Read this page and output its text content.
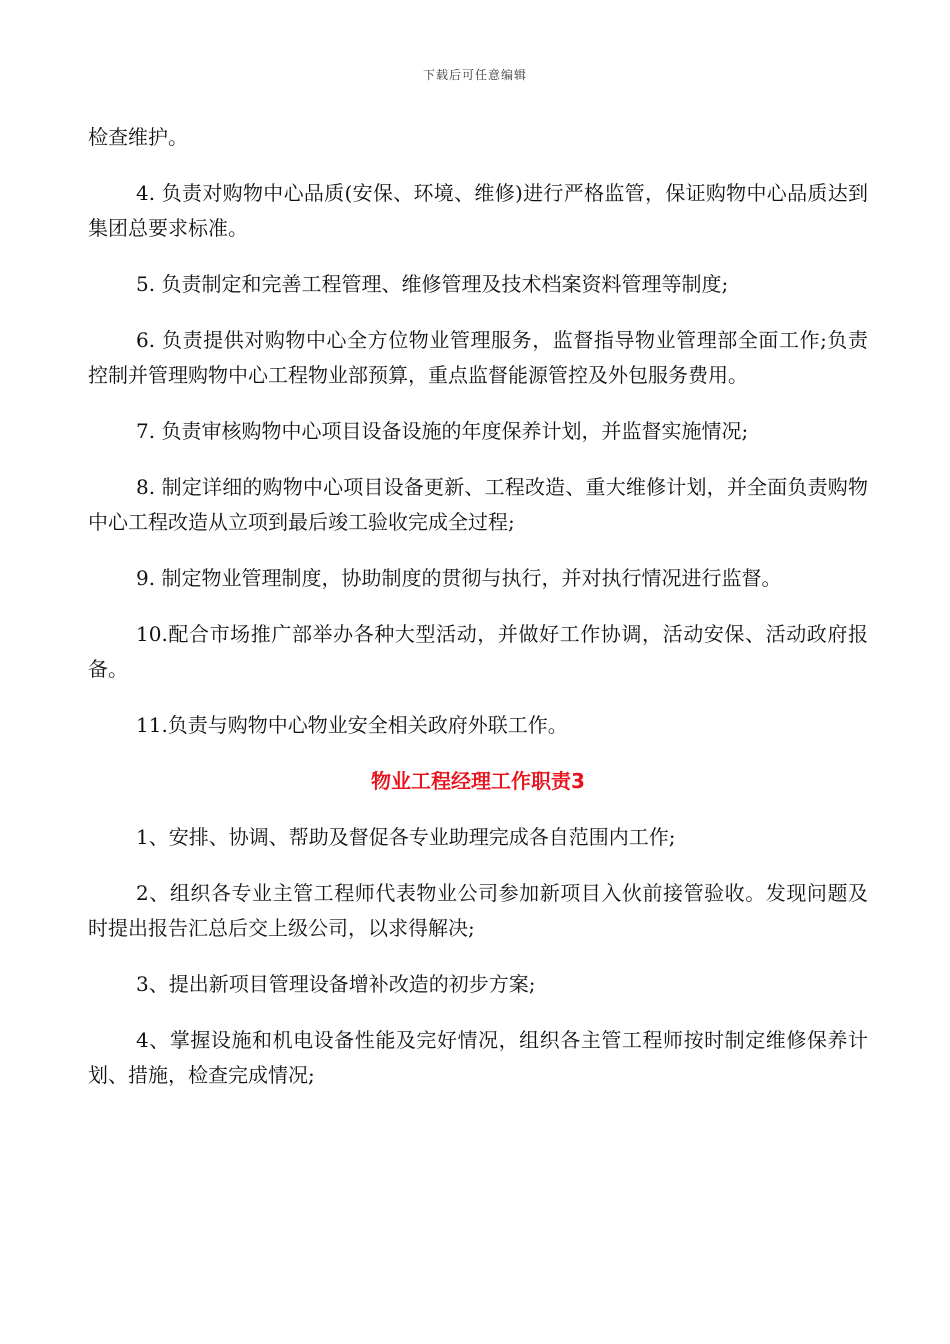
下载后可任意编辑

检查维护。

4. 负责对购物中心品质(安保、环境、维修)进行严格监管，保证购物中心品质达到集团总要求标准。

5. 负责制定和完善工程管理、维修管理及技术档案资料管理等制度;

6. 负责提供对购物中心全方位物业管理服务，监督指导物业管理部全面工作;负责控制并管理购物中心工程物业部预算，重点监督能源管控及外包服务费用。

7. 负责审核购物中心项目设备设施的年度保养计划，并监督实施情况;

8. 制定详细的购物中心项目设备更新、工程改造、重大维修计划，并全面负责购物中心工程改造从立项到最后竣工验收完成全过程;

9. 制定物业管理制度，协助制度的贯彻与执行，并对执行情况进行监督。

10.配合市场推广部举办各种大型活动，并做好工作协调，活动安保、活动政府报备。

11.负责与购物中心物业安全相关政府外联工作。

物业工程经理工作职责3

1、安排、协调、帮助及督促各专业助理完成各自范围内工作;

2、组织各专业主管工程师代表物业公司参加新项目入伙前接管验收。发现问题及时提出报告汇总后交上级公司，以求得解决;

3、提出新项目管理设备增补改造的初步方案;

4、掌握设施和机电设备性能及完好情况，组织各主管工程师按时制定维修保养计划、措施，检查完成情况;
